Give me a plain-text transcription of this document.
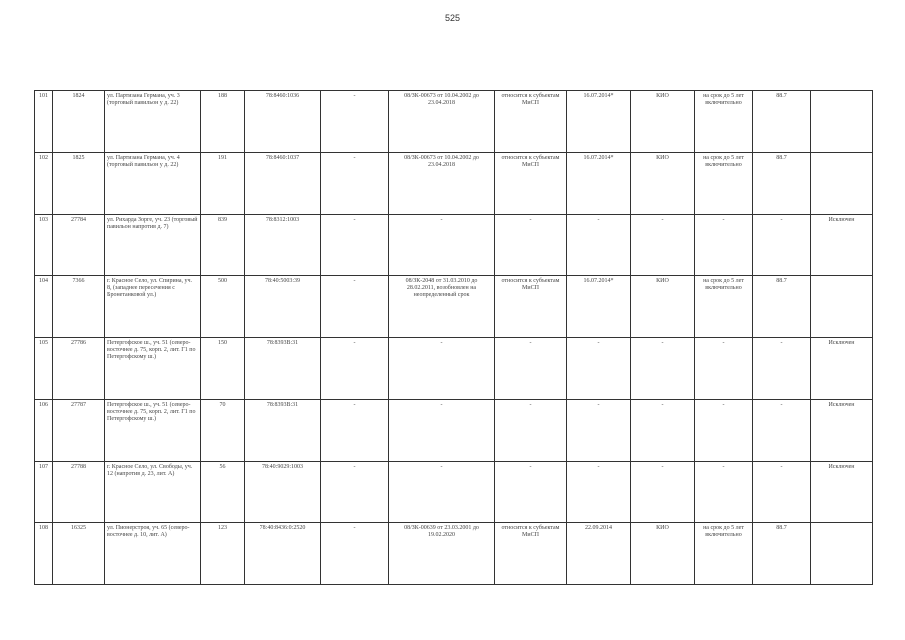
525
101	1824	ул. Партизана Германа, уч. 3 (торговый павильон у д. 22)	188	78:8460:1036	-	08/ЗК-00673 от 10.04.2002 до 23.04.2018	относится к субъектам МиСП	16.07.2014*	КИО	на срок до 5 лет включительно	88.7	
102	1825	ул. Партизана Германа, уч. 4 (торговый павильон у д. 22)	191	78:8460:1037	-	08/ЗК-00673 от 10.04.2002 до 23.04.2018	относится к субъектам МиСП	16.07.2014*	КИО	на срок до 5 лет включительно	88.7	
103	27784	ул. Рихарда Зорге, уч. 23 (торговый павильон напротив д. 7)	839	78:8312:1003	-	-	-	-	-	-	-	Исключен
104	7366	г. Красное Село, ул. Спирина, уч. 8, (западнее пересечения с Бронетанковой ул.)	500	78:40:5003:39	-	08/ЗК-2048 от 31.03.2010 до 28.02.2011, возобновлен на неопределенный срок	относится к субъектам МиСП	16.07.2014*	КИО	на срок до 5 лет включительно	88.7	
105	27786	Петергофское ш., уч. 51 (северо-восточнее д. 75, корп. 2, лит. Г1 по Петергофскому ш.)	150	78:8393В:31	-	-	-	-	-	-	-	Исключен
106	27787	Петергофское ш., уч. 51 (северо-восточнее д. 75, корп. 2, лит. Г1 по Петергофскому ш.)	70	78:8393В:31	-	-	-	-	-	-	-	Исключен
107	27788	г. Красное Село, ул. Свободы, уч. 12 (напротив д. 23, лит. А)	56	78:40:9029:1003	-	-	-	-	-	-	-	Исключен
108	16325	ул. Пионерстроя, уч. 65 (северо-восточнее д. 10, лит. А)	123	78:40:8436:0:2520	-	08/ЗК-00639 от 23.03.2001 до 19.02.2020	относится к субъектам МиСП	22.09.2014	КИО	на срок до 5 лет включительно	88.7	
